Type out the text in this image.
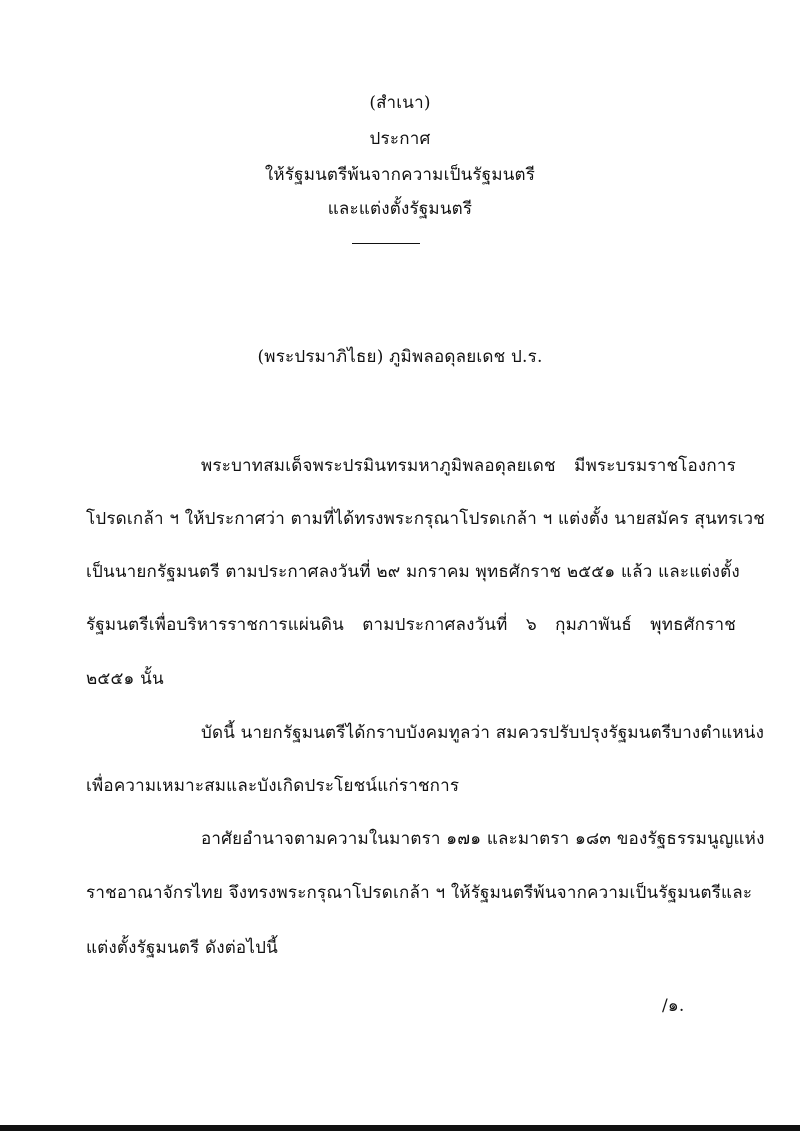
(สำเนา)
ประกาศ
ให้รัฐมนตรีพ้นจากความเป็นรัฐมนตรี
และแต่งตั้งรัฐมนตรี
(พระปรมาภิไธย) ภูมิพลอดุลยเดช ป.ร.
พระบาทสมเด็จพระปรมินทรมหาภูมิพลอดุลยเดช มีพระบรมราชโองการ
โปรดเกล้า ฯ ให้ประกาศว่า ตามที่ได้ทรงพระกรุณาโปรดเกล้า ฯ แต่งตั้ง นายสมัคร สุนทรเวช
เป็นนายกรัฐมนตรี ตามประกาศลงวันที่ ๒๙ มกราคม พุทธศักราช ๒๕๕๑ แล้ว และแต่งตั้ง
รัฐมนตรีเพื่อบริหารราชการแผ่นดิน ตามประกาศลงวันที่ ๖ กุมภาพันธ์ พุทธศักราช
๒๕๕๑ นั้น
บัดนี้ นายกรัฐมนตรีได้กราบบังคมทูลว่า สมควรปรับปรุงรัฐมนตรีบางตำแหน่ง
เพื่อความเหมาะสมและบังเกิดประโยชน์แก่ราชการ
อาศัยอำนาจตามความในมาตรา ๑๗๑ และมาตรา ๑๘๓ ของรัฐธรรมนูญแห่ง
ราชอาณาจักรไทย จึงทรงพระกรุณาโปรดเกล้า ฯ ให้รัฐมนตรีพ้นจากความเป็นรัฐมนตรีและ
แต่งตั้งรัฐมนตรี ดังต่อไปนี้
/๑.
